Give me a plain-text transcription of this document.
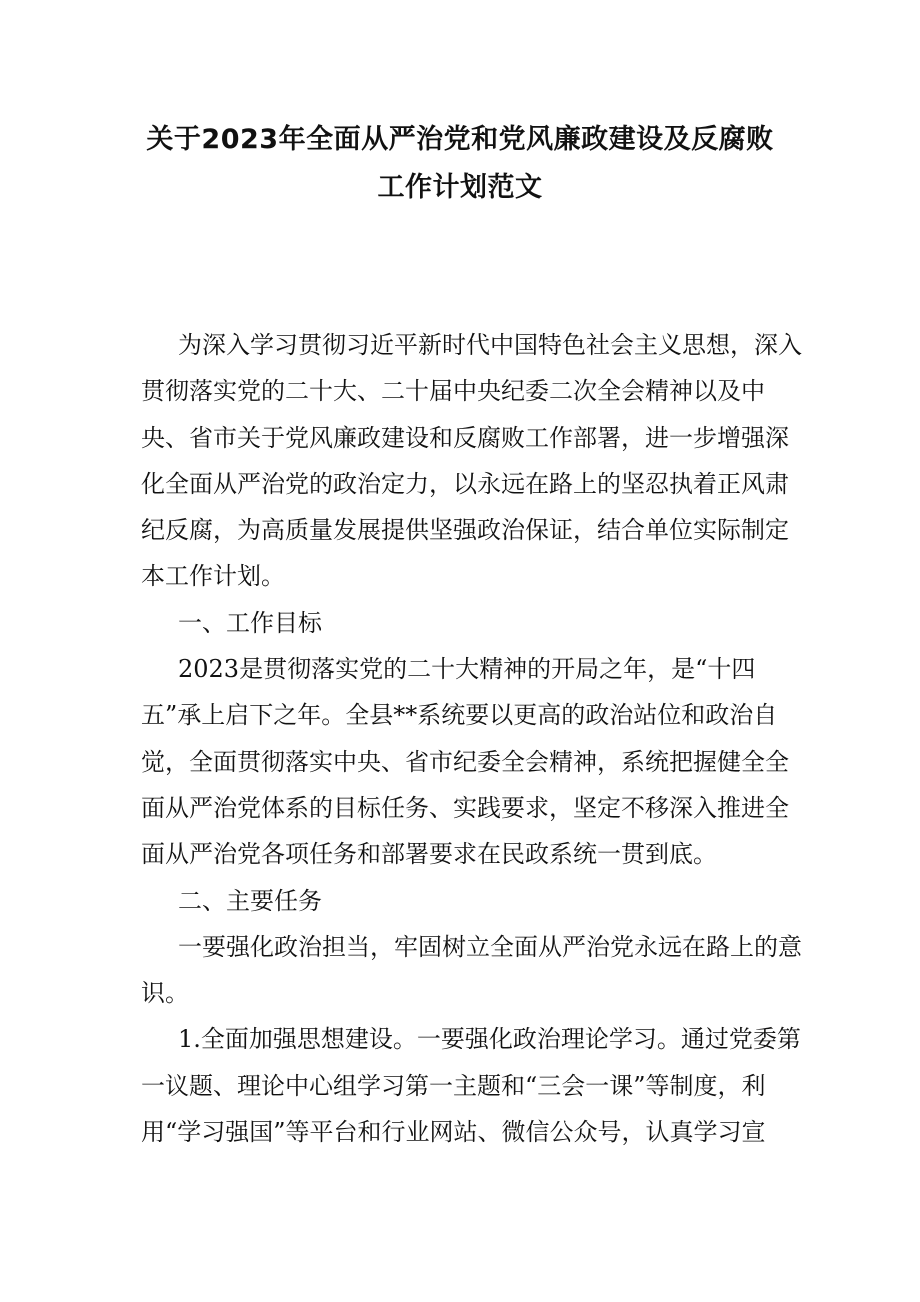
关于2023年全面从严治党和党风廉政建设及反腐败
工作计划范文
为深入学习贯彻习近平新时代中国特色社会主义思想，深入
贯彻落实党的二十大、二十届中央纪委二次全会精神以及中
央、省市关于党风廉政建设和反腐败工作部署，进一步增强深
化全面从严治党的政治定力，以永远在路上的坚忍执着正风肃
纪反腐，为高质量发展提供坚强政治保证，结合单位实际制定
本工作计划。
一、工作目标
2023是贯彻落实党的二十大精神的开局之年，是“十四
五”承上启下之年。全县**系统要以更高的政治站位和政治自
觉，全面贯彻落实中央、省市纪委全会精神，系统把握健全全
面从严治党体系的目标任务、实践要求，坚定不移深入推进全
面从严治党各项任务和部署要求在民政系统一贯到底。
二、主要任务
一要强化政治担当，牢固树立全面从严治党永远在路上的意
识。
1.全面加强思想建设。一要强化政治理论学习。通过党委第
一议题、理论中心组学习第一主题和“三会一课”等制度，利
用“学习强国”等平台和行业网站、微信公众号，认真学习宣
